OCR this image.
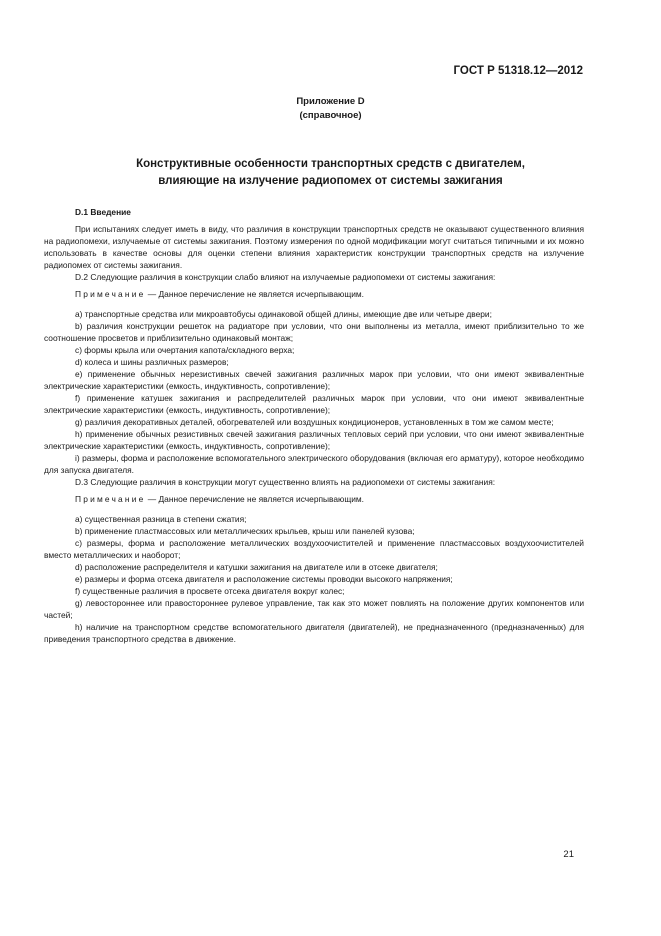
ГОСТ Р 51318.12—2012
Приложение D
(справочное)
Конструктивные особенности транспортных средств с двигателем,
влияющие на излучение радиопомех от системы зажигания

D.1 Введение

При испытаниях следует иметь в виду, что различия в конструкции транспортных средств не оказывают существенного влияния на радиопомехи, излучаемые от системы зажигания. Поэтому измерения по одной модификации могут считаться типичными и их можно использовать в качестве основы для оценки степени влияния характеристик конструкции транспортных средств на излучение радиопомех от системы зажигания.

D.2 Следующие различия в конструкции слабо влияют на излучаемые радиопомехи от системы зажигания:

Примечание — Данное перечисление не является исчерпывающим.

a) транспортные средства или микроавтобусы одинаковой общей длины, имеющие две или четыре двери;

b) различия конструкции решеток на радиаторе при условии, что они выполнены из металла, имеют приблизительно то же соотношение просветов и приблизительно одинаковый монтаж;

c) формы крыла или очертания капота/складного верха;

d) колеса и шины различных размеров;

e) применение обычных нерезистивных свечей зажигания различных марок при условии, что они имеют эквивалентные электрические характеристики (емкость, индуктивность, сопротивление);

f) применение катушек зажигания и распределителей различных марок при условии, что они имеют эквивалентные электрические характеристики (емкость, индуктивность, сопротивление);

g) различия декоративных деталей, обогревателей или воздушных кондиционеров, установленных в том же самом месте;

h) применение обычных резистивных свечей зажигания различных тепловых серий при условии, что они имеют эквивалентные электрические характеристики (емкость, индуктивность, сопротивление);

i) размеры, форма и расположение вспомогательного электрического оборудования (включая его арматуру), которое необходимо для запуска двигателя.

D.3 Следующие различия в конструкции могут существенно влиять на радиопомехи от системы зажигания:

Примечание — Данное перечисление не является исчерпывающим.

a) существенная разница в степени сжатия;

b) применение пластмассовых или металлических крыльев, крыш или панелей кузова;

c) размеры, форма и расположение металлических воздухоочистителей и применение пластмассовых воздухоочистителей вместо металлических и наоборот;

d) расположение распределителя и катушки зажигания на двигателе или в отсеке двигателя;

e) размеры и форма отсека двигателя и расположение системы проводки высокого напряжения;

f) существенные различия в просвете отсека двигателя вокруг колес;

g) левостороннее или правостороннее рулевое управление, так как это может повлиять на положение других компонентов или частей;

h) наличие на транспортном средстве вспомогательного двигателя (двигателей), не предназначенного (предназначенных) для приведения транспортного средства в движение.

21
